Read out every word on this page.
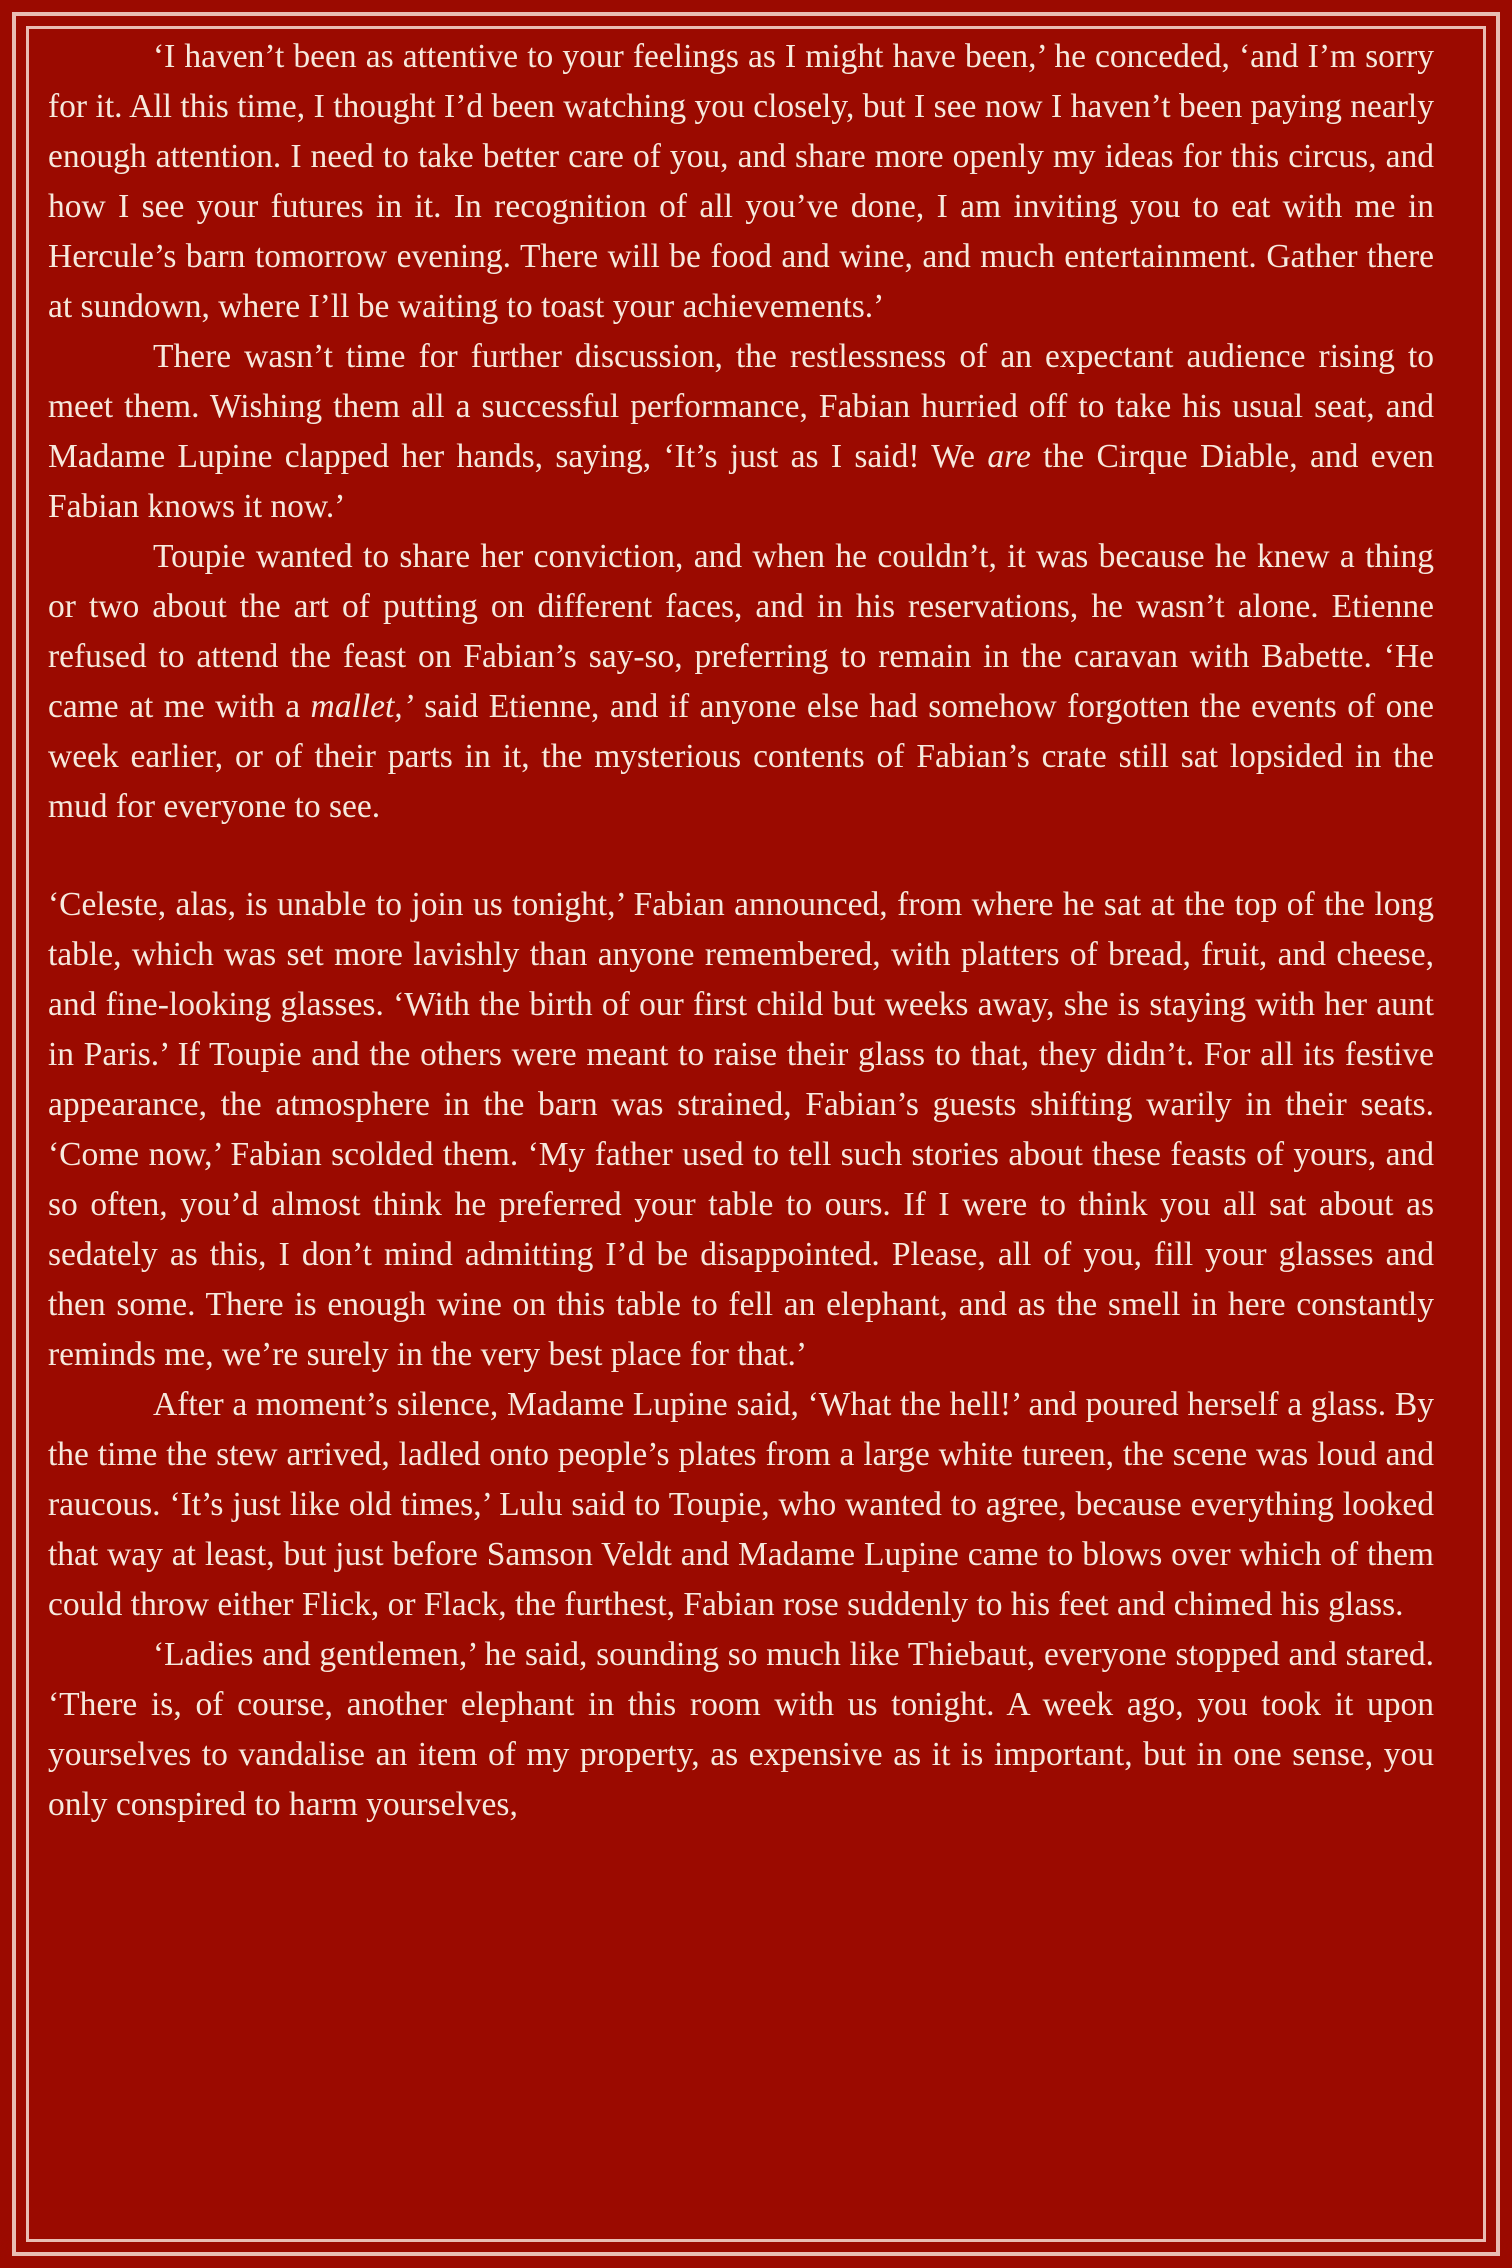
‘I haven’t been as attentive to your feelings as I might have been,’ he conceded, ‘and I’m sorry for it. All this time, I thought I’d been watching you closely, but I see now I haven’t been paying nearly enough attention. I need to take better care of you, and share more openly my ideas for this circus, and how I see your futures in it. In recognition of all you’ve done, I am inviting you to eat with me in Hercule’s barn tomorrow evening. There will be food and wine, and much entertainment. Gather there at sundown, where I’ll be waiting to toast your achievements.’

There wasn’t time for further discussion, the restlessness of an expectant audience rising to meet them. Wishing them all a successful performance, Fabian hurried off to take his usual seat, and Madame Lupine clapped her hands, saying, ‘It’s just as I said! We are the Cirque Diable, and even Fabian knows it now.’

Toupie wanted to share her conviction, and when he couldn’t, it was because he knew a thing or two about the art of putting on different faces, and in his reservations, he wasn’t alone. Etienne refused to attend the feast on Fabian’s say-so, preferring to remain in the caravan with Babette. ‘He came at me with a mallet,’ said Etienne, and if anyone else had somehow forgotten the events of one week earlier, or of their parts in it, the mysterious contents of Fabian’s crate still sat lopsided in the mud for everyone to see.

‘Celeste, alas, is unable to join us tonight,’ Fabian announced, from where he sat at the top of the long table, which was set more lavishly than anyone remembered, with platters of bread, fruit, and cheese, and fine-looking glasses. ‘With the birth of our first child but weeks away, she is staying with her aunt in Paris.’ If Toupie and the others were meant to raise their glass to that, they didn’t. For all its festive appearance, the atmosphere in the barn was strained, Fabian’s guests shifting warily in their seats. ‘Come now,’ Fabian scolded them. ‘My father used to tell such stories about these feasts of yours, and so often, you’d almost think he preferred your table to ours. If I were to think you all sat about as sedately as this, I don’t mind admitting I’d be disappointed. Please, all of you, fill your glasses and then some. There is enough wine on this table to fell an elephant, and as the smell in here constantly reminds me, we’re surely in the very best place for that.’

After a moment’s silence, Madame Lupine said, ‘What the hell!’ and poured herself a glass. By the time the stew arrived, ladled onto people’s plates from a large white tureen, the scene was loud and raucous. ‘It’s just like old times,’ Lulu said to Toupie, who wanted to agree, because everything looked that way at least, but just before Samson Veldt and Madame Lupine came to blows over which of them could throw either Flick, or Flack, the furthest, Fabian rose suddenly to his feet and chimed his glass.

‘Ladies and gentlemen,’ he said, sounding so much like Thiebaut, everyone stopped and stared. ‘There is, of course, another elephant in this room with us tonight. A week ago, you took it upon yourselves to vandalise an item of my property, as expensive as it is important, but in one sense, you only conspired to harm yourselves,
